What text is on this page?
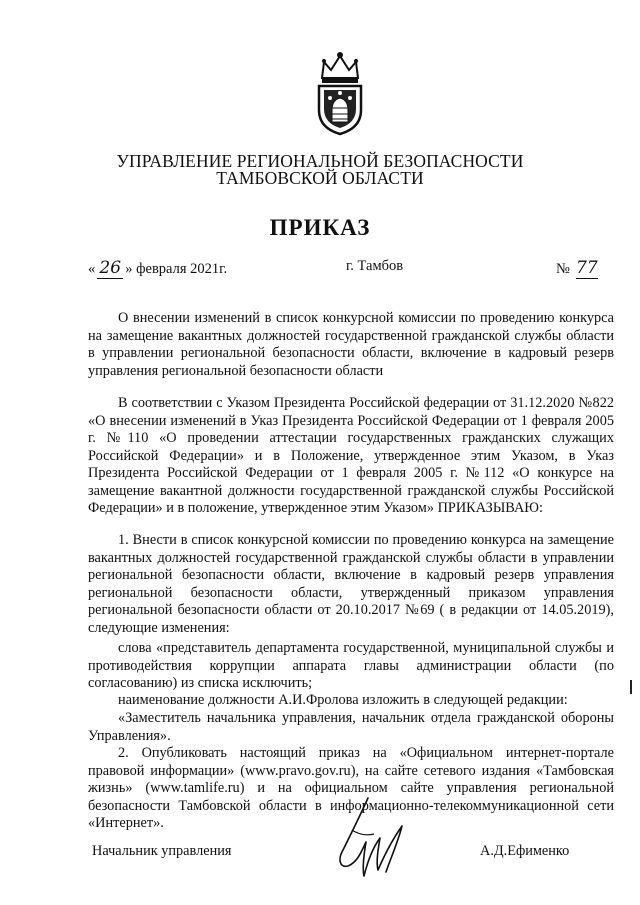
УПРАВЛЕНИЕ РЕГИОНАЛЬНОЙ БЕЗОПАСНОСТИ
ТАМБОВСКОЙ ОБЛАСТИ
ПРИКАЗ
« 26 » февраля 2021г.	г. Тамбов	№ 77
О внесении изменений в список конкурсной комиссии по проведению конкурса на замещение вакантных должностей государственной гражданской службы области в управлении региональной безопасности области, включение в кадровый резерв управления региональной безопасности области
В соответствии с Указом Президента Российской федерации от 31.12.2020 №822 «О внесении изменений в Указ Президента Российской Федерации от 1 февраля 2005 г. №110 «О проведении аттестации государственных гражданских служащих Российской Федерации» и в Положение, утвержденное этим Указом, в Указ Президента Российской Федерации от 1 февраля 2005 г. №112 «О конкурсе на замещение вакантной должности государственной гражданской службы Российской Федерации» и в положение, утвержденное этим Указом» ПРИКАЗЫВАЮ:
1. Внести в список конкурсной комиссии по проведению конкурса на замещение вакантных должностей государственной гражданской службы области в управлении региональной безопасности области, включение в кадровый резерв управления региональной безопасности области, утвержденный приказом управления региональной безопасности области от 20.10.2017 №69 ( в редакции от 14.05.2019), следующие изменения:
слова «представитель департамента государственной, муниципальной службы и противодействия коррупции аппарата главы администрации области (по согласованию) из списка исключить;
наименование должности А.И.Фролова изложить в следующей редакции:
«Заместитель начальника управления, начальник отдела гражданской обороны Управления».
2. Опубликовать настоящий приказ на «Официальном интернет-портале правовой информации» (www.pravo.gov.ru), на сайте сетевого издания «Тамбовская жизнь» (www.tamlife.ru) и на официальном сайте управления региональной безопасности Тамбовской области в информационно-телекоммуникационной сети «Интернет».
Начальник управления	А.Д.Ефименко
